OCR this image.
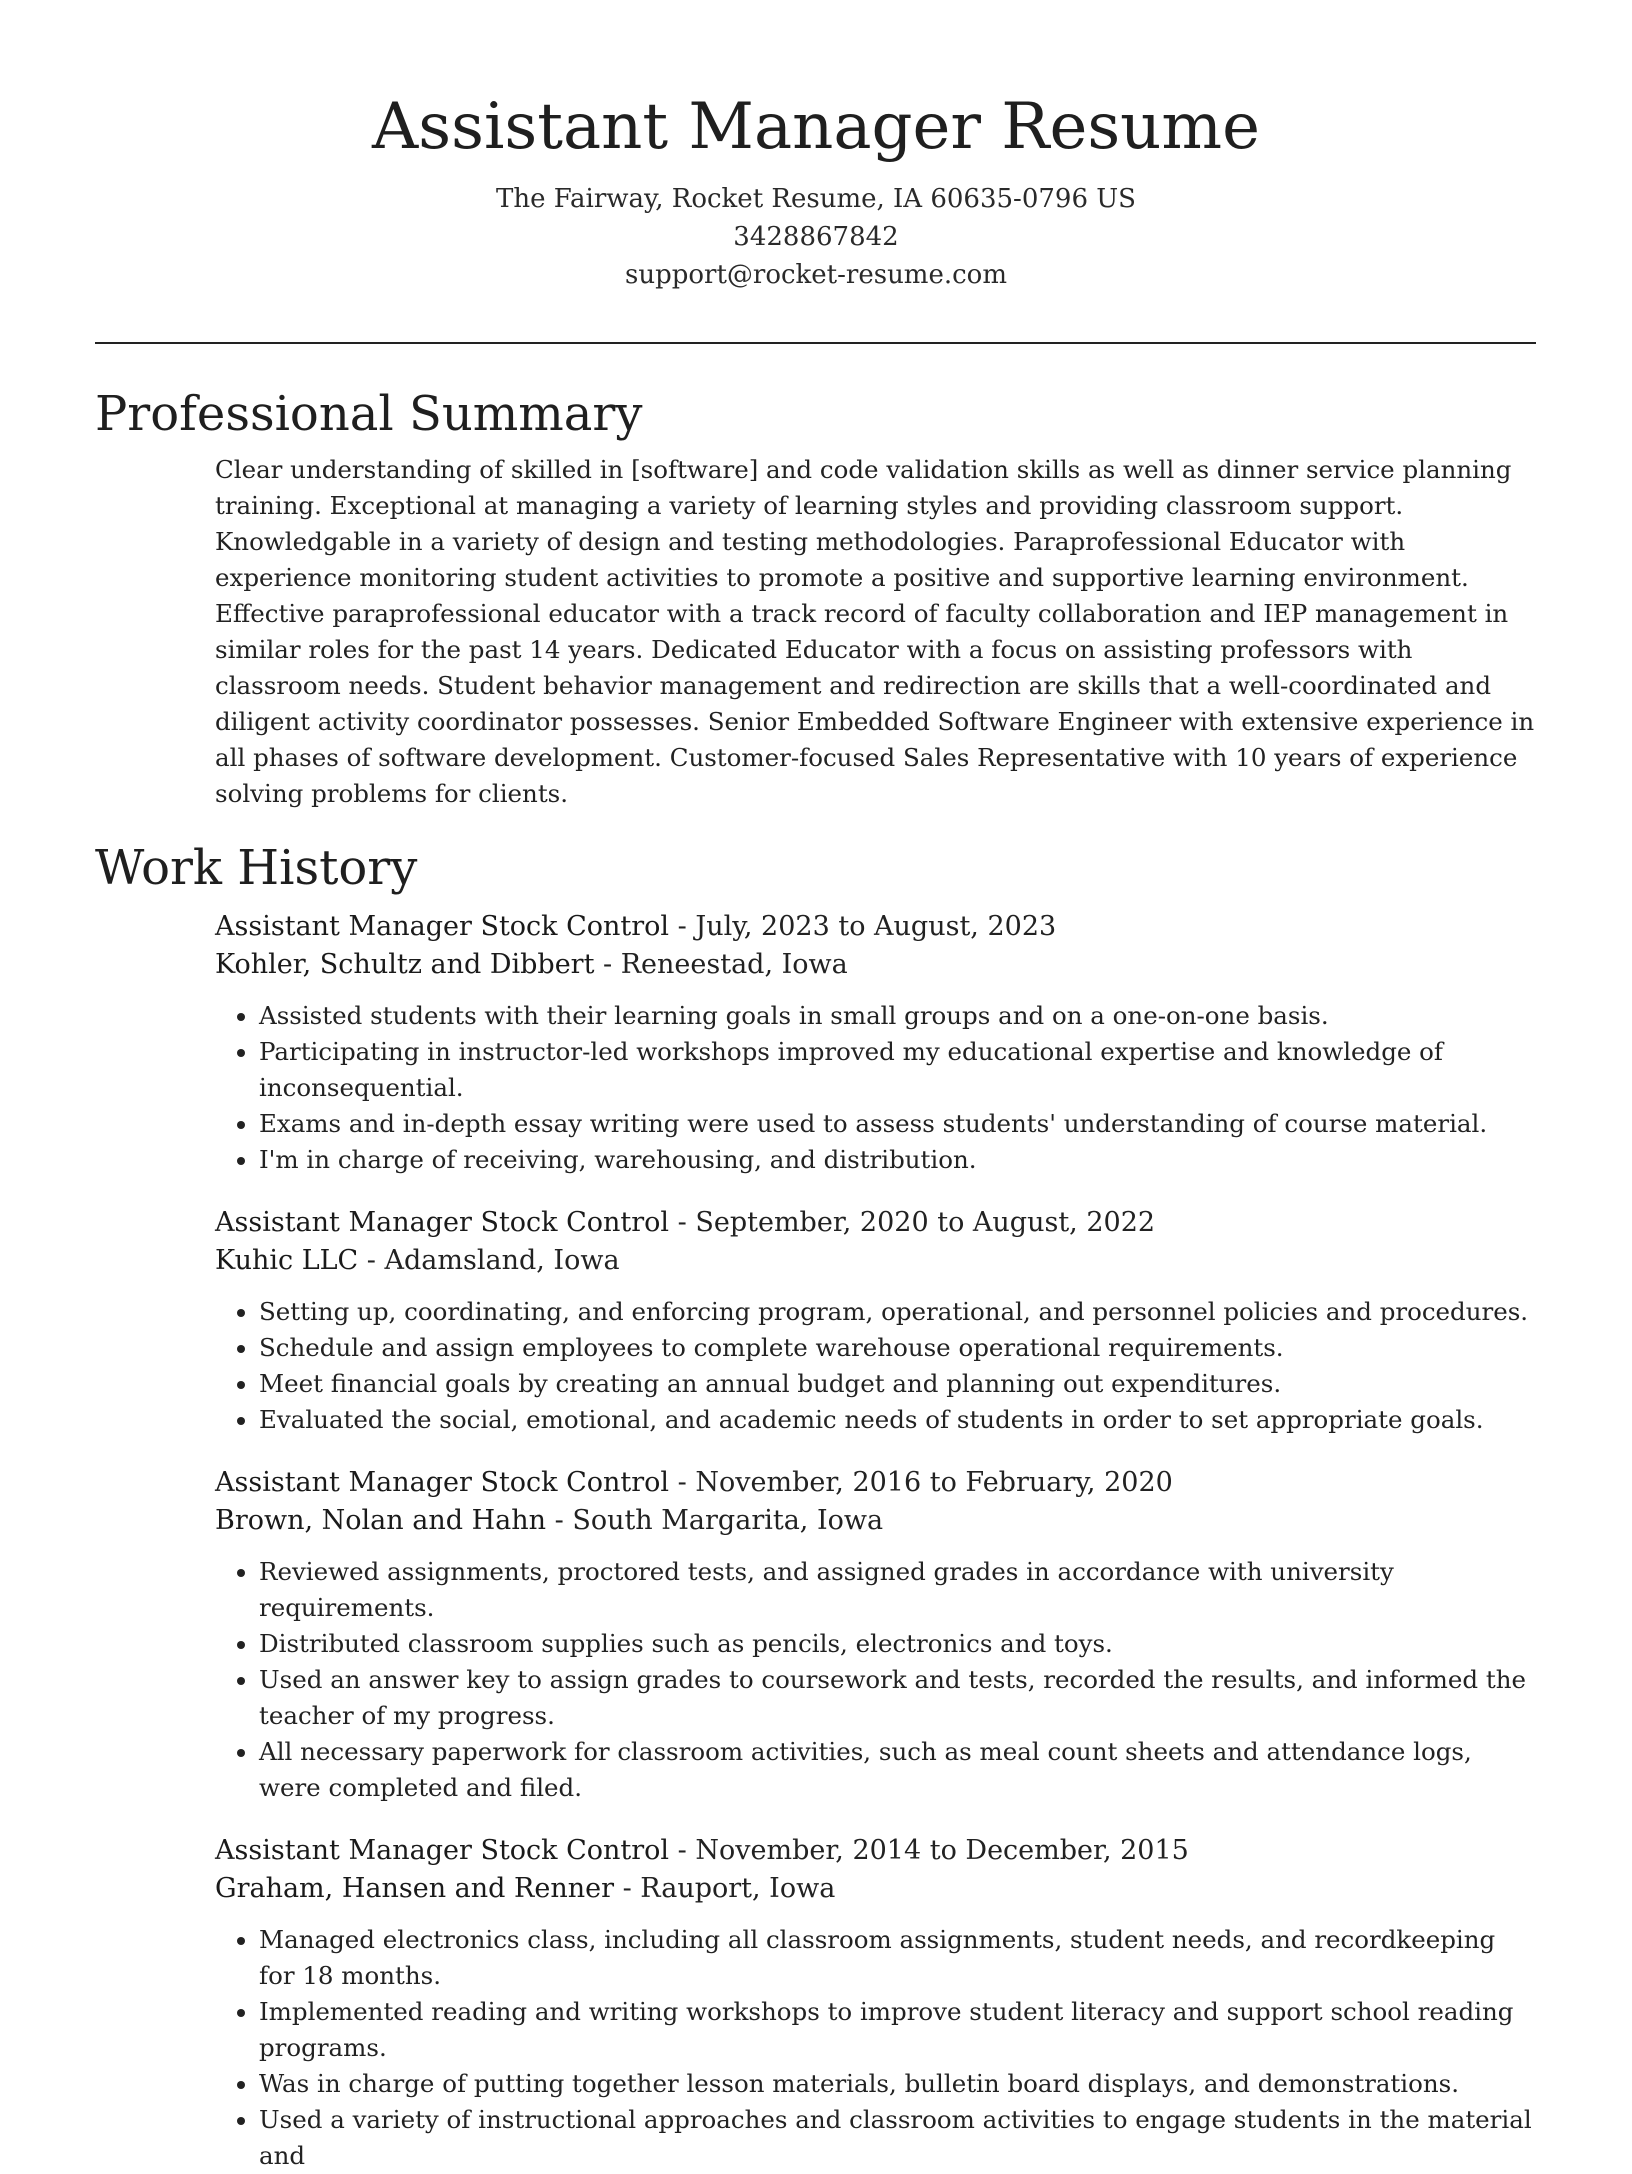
Assistant Manager Resume
The Fairway, Rocket Resume, IA 60635-0796 US
3428867842
support@rocket-resume.com
Professional Summary

Clear understanding of skilled in [software] and code validation skills as well as dinner service planning training. Exceptional at managing a variety of learning styles and providing classroom support. Knowledgable in a variety of design and testing methodologies. Paraprofessional Educator with experience monitoring student activities to promote a positive and supportive learning environment. Effective paraprofessional educator with a track record of faculty collaboration and IEP management in similar roles for the past 14 years. Dedicated Educator with a focus on assisting professors with classroom needs. Student behavior management and redirection are skills that a well-coordinated and diligent activity coordinator possesses. Senior Embedded Software Engineer with extensive experience in all phases of software development. Customer-focused Sales Representative with 10 years of experience solving problems for clients.

Work History
Assistant Manager Stock Control - July, 2023 to August, 2023
Kohler, Schultz and Dibbert - Reneestad, Iowa
• Assisted students with their learning goals in small groups and on a one-on-one basis.
• Participating in instructor-led workshops improved my educational expertise and knowledge of inconsequential.
• Exams and in-depth essay writing were used to assess students' understanding of course material.
• I'm in charge of receiving, warehousing, and distribution.
Assistant Manager Stock Control - September, 2020 to August, 2022
Kuhic LLC - Adamsland, Iowa
• Setting up, coordinating, and enforcing program, operational, and personnel policies and procedures.
• Schedule and assign employees to complete warehouse operational requirements.
• Meet financial goals by creating an annual budget and planning out expenditures.
• Evaluated the social, emotional, and academic needs of students in order to set appropriate goals.
Assistant Manager Stock Control - November, 2016 to February, 2020
Brown, Nolan and Hahn - South Margarita, Iowa
• Reviewed assignments, proctored tests, and assigned grades in accordance with university requirements.
• Distributed classroom supplies such as pencils, electronics and toys.
• Used an answer key to assign grades to coursework and tests, recorded the results, and informed the teacher of my progress.
• All necessary paperwork for classroom activities, such as meal count sheets and attendance logs, were completed and filed.
Assistant Manager Stock Control - November, 2014 to December, 2015
Graham, Hansen and Renner - Rauport, Iowa
• Managed electronics class, including all classroom assignments, student needs, and recordkeeping for 18 months.
• Implemented reading and writing workshops to improve student literacy and support school reading programs.
• Was in charge of putting together lesson materials, bulletin board displays, and demonstrations.
• Used a variety of instructional approaches and classroom activities to engage students in the material and
